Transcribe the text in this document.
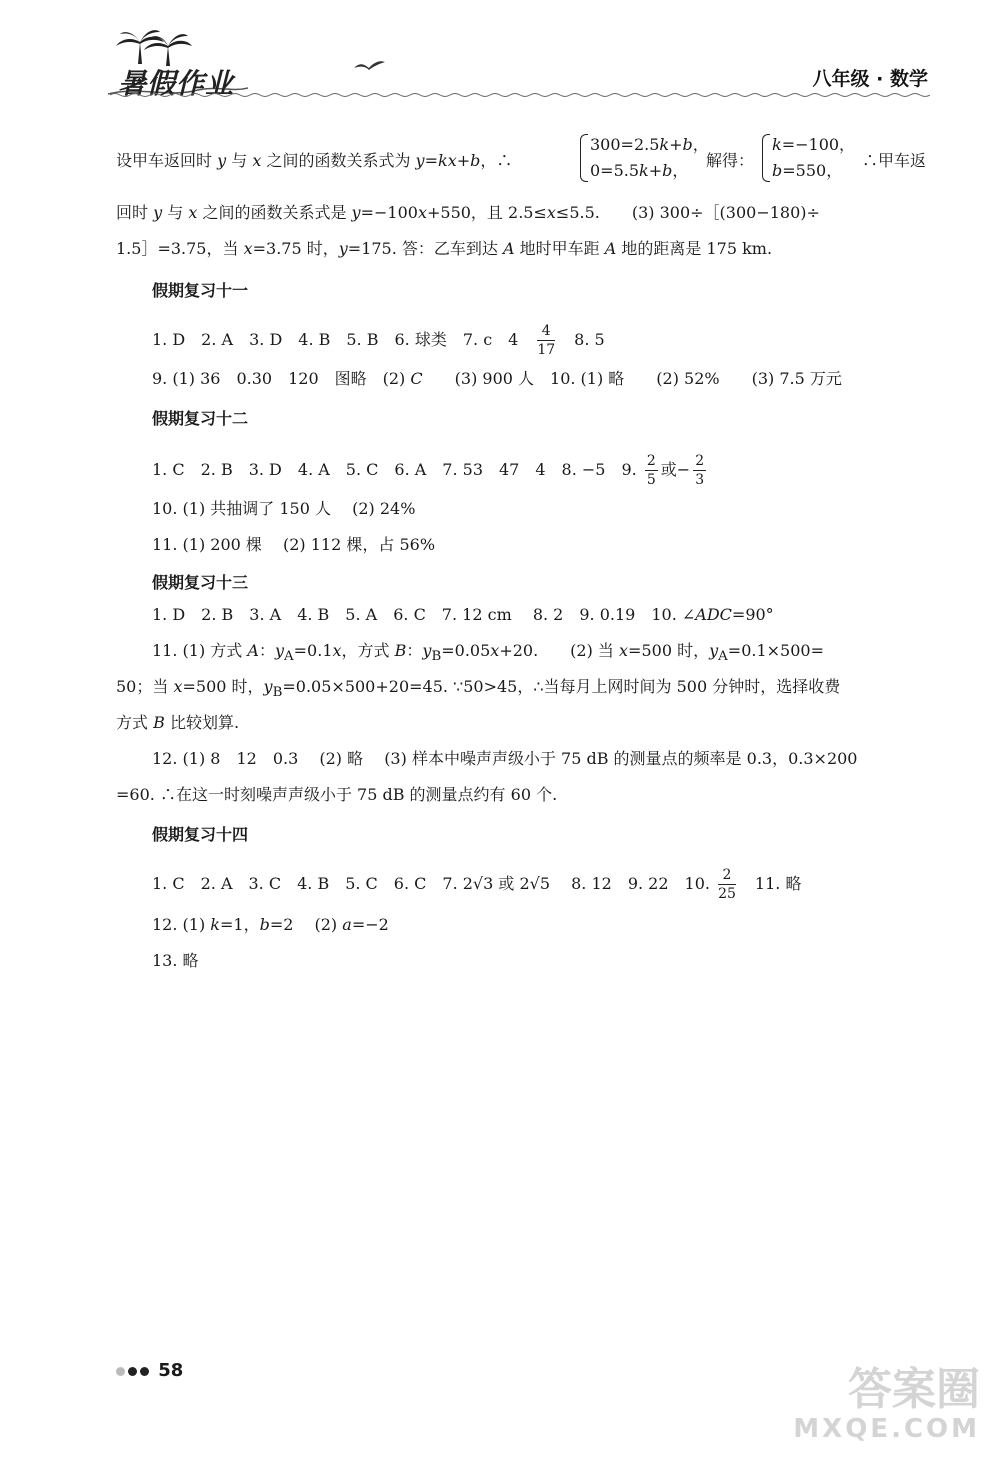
暑假作业	八年级 · 数学
设甲车返回时 y 与 x 之间的函数关系式为 y=kx+b，∴
300=2.5k+b，
0=5.5k+b，
解得：
k=−100，
b=550，
∴甲车返
回时 y 与 x 之间的函数关系式是 y=−100x+550，且 2.5≤x≤5.5.　　(3) 300÷［(300−180)÷
1.5］=3.75，当 x=3.75 时，y=175. 答：乙车到达 A 地时甲车距 A 地的距离是 175 km.
假期复习十一
1. D　2. A　3. D　4. B　5. B　6. 球类　7. c　4　 $\frac{4}{17}$ 　8. 5
9. (1) 36　0.30　120　图略　(2) C　　(3) 900 人　10. (1) 略　　(2) 52%　　(3) 7.5 万元
假期复习十二
1. C　2. B　3. D　4. A　5. C　6. A　7. 53　47　4　8. −5　9. $\frac{2}{5}$ 或− $\frac{2}{3}$
10. (1) 共抽调了 150 人　 (2) 24%
11. (1) 200 棵　 (2) 112 棵，占 56%
假期复习十三
1. D　2. B　3. A　4. B　5. A　6. C　7. 12 cm　 8. 2　9. 0.19　10. ∠ADC=90°
11. (1) 方式 A：$y_A=0.1x$，方式 B：$y_B=0.05x+20$.　　(2) 当 x=500 时，$y_A=0.1\times 500=$
50；当 x=500 时，$y_B=0.05\times 500+20=45$. ∵50>45，∴当每月上网时间为 500 分钟时，选择收费
方式 B 比较划算.
12. (1) 8　12　0.3　 (2) 略　 (3) 样本中噪声声级小于 75 dB 的测量点的频率是 0.3，0.3×200
=60. ∴在这一时刻噪声声级小于 75 dB 的测量点约有 60 个.
假期复习十四
1. C　2. A　3. C　4. B　5. C　6. C　7. 2√3 或 2√5　 8. 12　9. 22　10. $\frac{2}{25}$ 　11. 略
12. (1) k=1，b=2　 (2) a=−2
13. 略
58	答案圈
MXQE.COM
